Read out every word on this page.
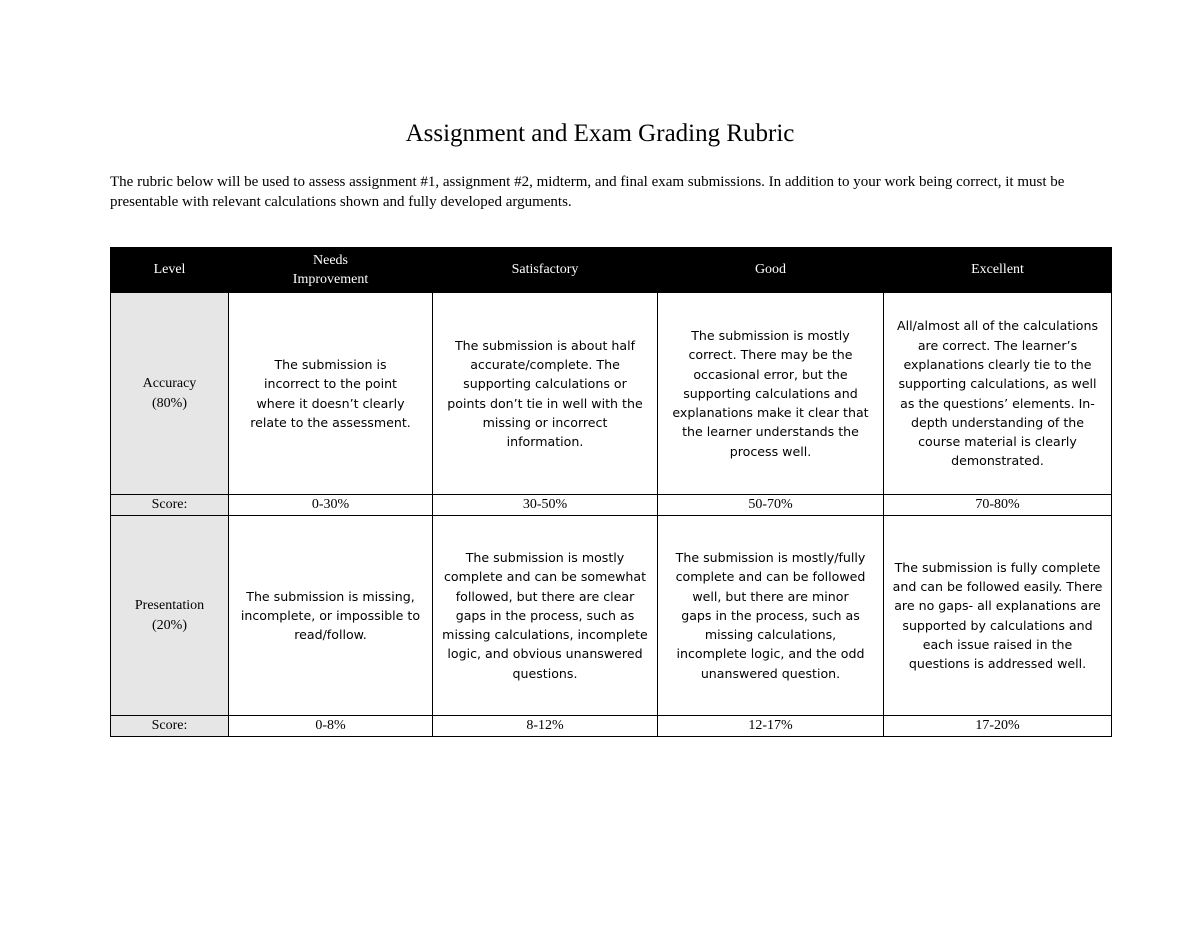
Assignment and Exam Grading Rubric
The rubric below will be used to assess assignment #1, assignment #2, midterm, and final exam submissions. In addition to your work being correct, it must be presentable with relevant calculations shown and fully developed arguments.
Level	Needs Improvement	Satisfactory	Good	Excellent
Accuracy (80%)	The submission is incorrect to the point where it doesn’t clearly relate to the assessment.	The submission is about half accurate/complete. The supporting calculations or points don’t tie in well with the missing or incorrect information.	The submission is mostly correct. There may be the occasional error, but the supporting calculations and explanations make it clear that the learner understands the process well.	All/almost all of the calculations are correct. The learner’s explanations clearly tie to the supporting calculations, as well as the questions’ elements. In-depth understanding of the course material is clearly demonstrated.
Score:	0-30%	30-50%	50-70%	70-80%
Presentation (20%)	The submission is missing, incomplete, or impossible to read/follow.	The submission is mostly complete and can be somewhat followed, but there are clear gaps in the process, such as missing calculations, incomplete logic, and obvious unanswered questions.	The submission is mostly/fully complete and can be followed well, but there are minor gaps in the process, such as missing calculations, incomplete logic, and the odd unanswered question.	The submission is fully complete and can be followed easily. There are no gaps- all explanations are supported by calculations and each issue raised in the questions is addressed well.
Score:	0-8%	8-12%	12-17%	17-20%
